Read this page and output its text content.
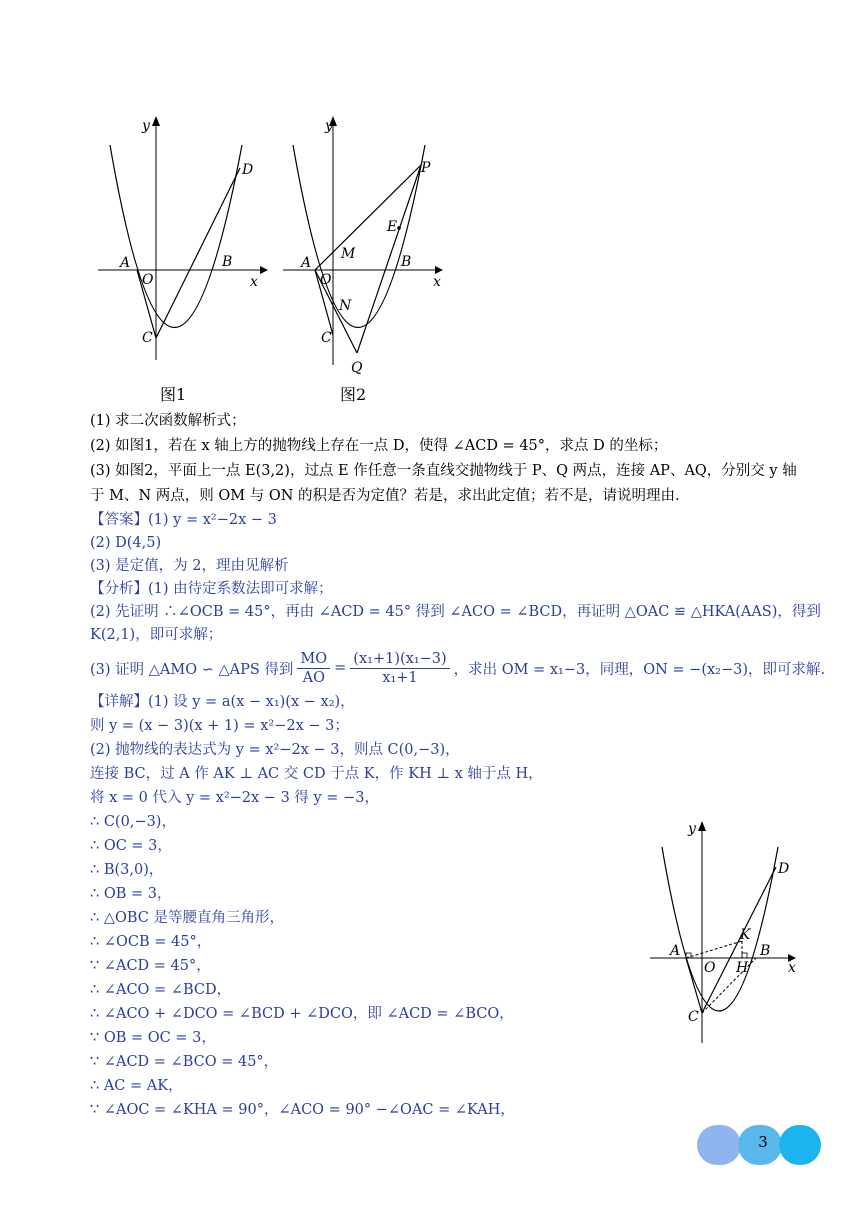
y
x
A
O
B
C
D
图1
y
x
A
O
B
C
P
Q
E
M
N
图2
(1) 求二次函数解析式；
(2) 如图1，若在 x 轴上方的抛物线上存在一点 D，使得 ∠ACD = 45°，求点 D 的坐标；
(3) 如图2，平面上一点 E(3,2)，过点 E 作任意一条直线交抛物线于 P、Q 两点，连接 AP、AQ，分别交 y 轴
于 M、N 两点，则 OM 与 ON 的积是否为定值？若是，求出此定值；若不是，请说明理由.
【答案】(1) y = x²−2x − 3
(2) D(4,5)
(3) 是定值，为 2，理由见解析
【分析】(1) 由待定系数法即可求解；
(2) 先证明 ∴∠OCB = 45°，再由 ∠ACD = 45° 得到 ∠ACO = ∠BCD，再证明 △OAC ≌ △HKA(AAS)，得到
K(2,1)，即可求解；
(3) 证明 △AMO ∽ △APS 得到 $\frac{MO}{AO} = \frac{\text{(x₁+1)(x₁−3)}}{\text{x₁+1}}$ ，求出 OM = x₁−3，同理，ON = −(x₂−3)，即可求解.
【详解】(1) 设 y = a(x − x₁)(x − x₂)，
则 y = (x − 3)(x + 1) = x²−2x − 3；
(2) 抛物线的表达式为 y = x²−2x − 3，则点 C(0,−3)，
连接 BC，过 A 作 AK ⊥ AC 交 CD 于点 K，作 KH ⊥ x 轴于点 H，
将 x = 0 代入 y = x²−2x − 3 得 y = −3，
∴ C(0,−3)，
∴ OC = 3，
∴ B(3,0)，
∴ OB = 3，
∴ △OBC 是等腰直角三角形，
∴ ∠OCB = 45°，
∵ ∠ACD = 45°，
∴ ∠ACO = ∠BCD，
∴ ∠ACO + ∠DCO = ∠BCD + ∠DCO，即 ∠ACD = ∠BCO，
∵ OB = OC = 3，
∵ ∠ACD = ∠BCO = 45°，
∴ AC = AK，
∵ ∠AOC = ∠KHA = 90°，∠ACO = 90° −∠OAC = ∠KAH，
y
x
A
O
B
C
D
K
H
3
